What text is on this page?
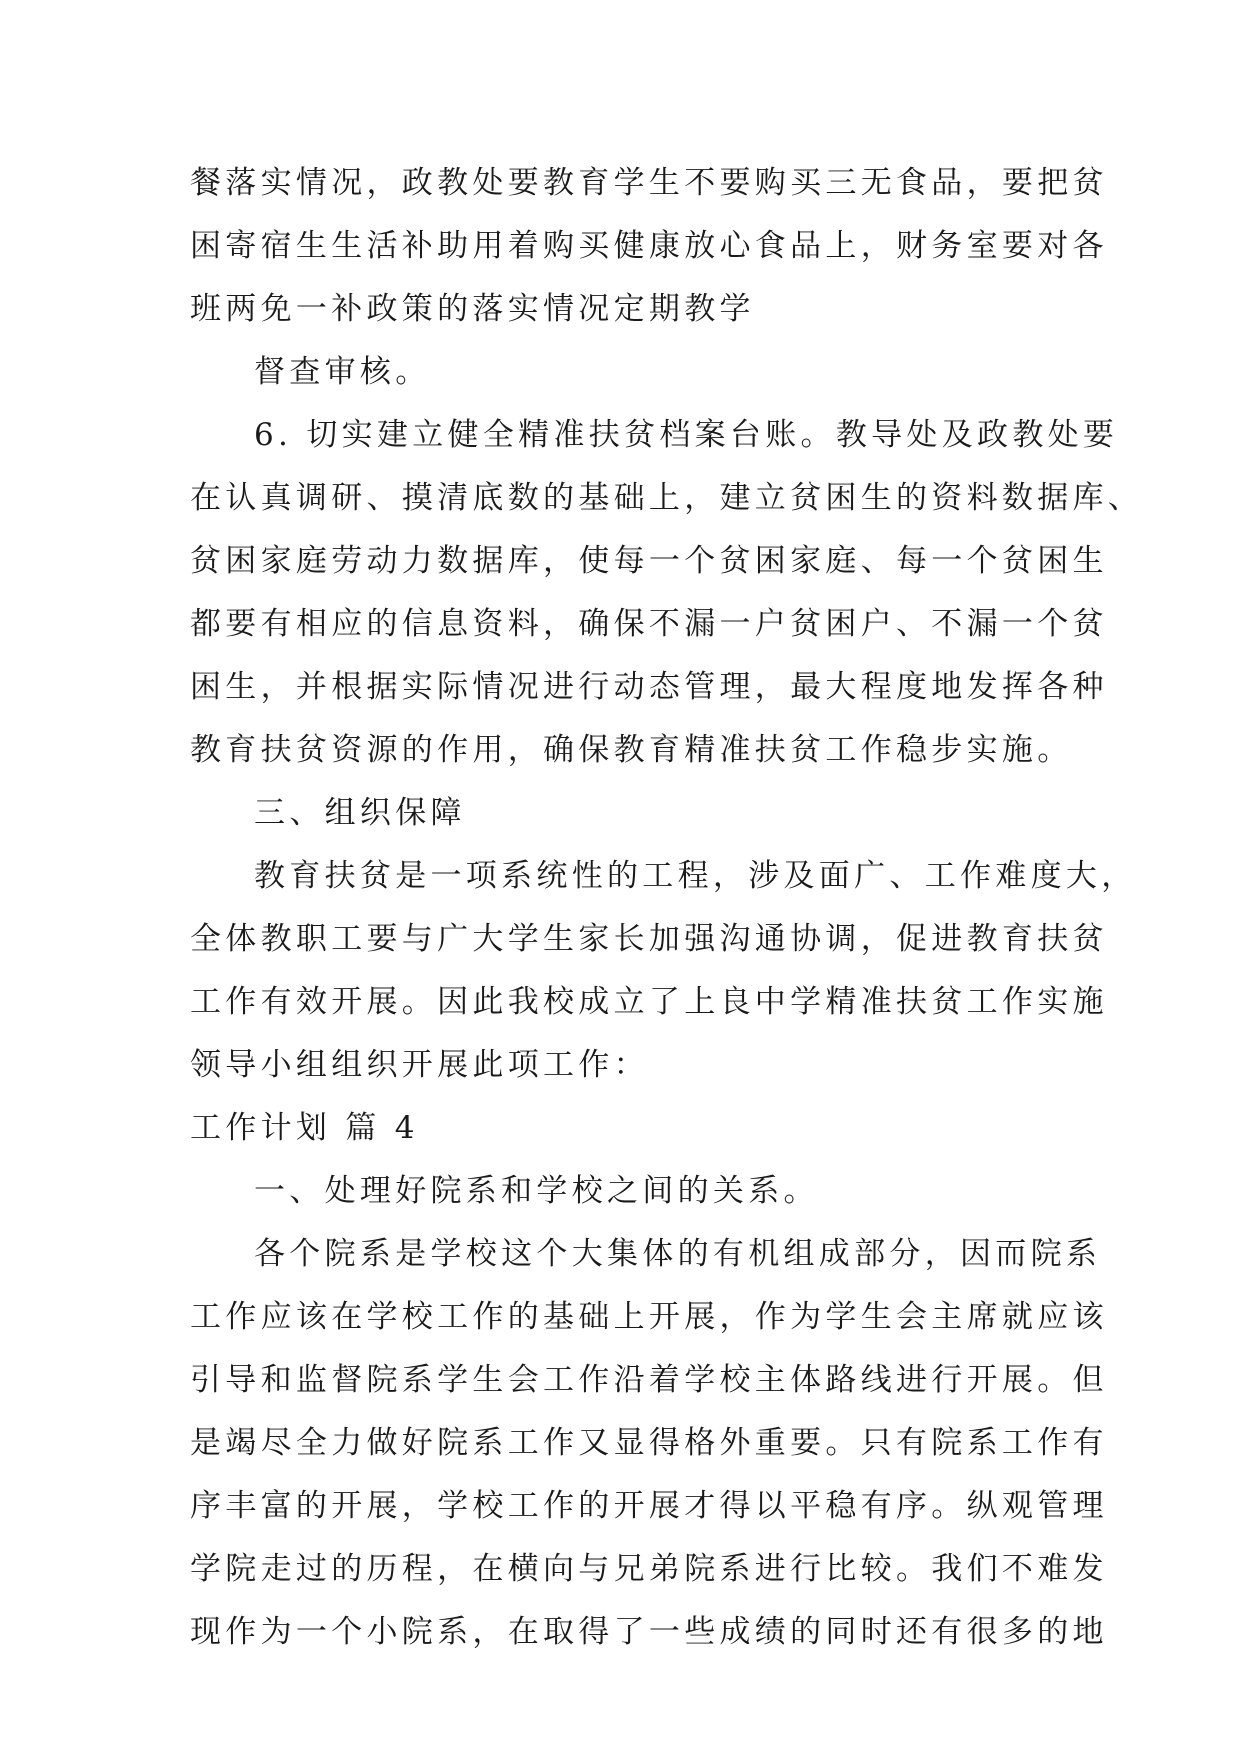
餐落实情况，政教处要教育学生不要购买三无食品，要把贫
困寄宿生生活补助用着购买健康放心食品上，财务室要对各
班两免一补政策的落实情况定期教学
督查审核。
6. 切实建立健全精准扶贫档案台账。教导处及政教处要
在认真调研、摸清底数的基础上，建立贫困生的资料数据库、
贫困家庭劳动力数据库，使每一个贫困家庭、每一个贫困生
都要有相应的信息资料，确保不漏一户贫困户、不漏一个贫
困生，并根据实际情况进行动态管理，最大程度地发挥各种
教育扶贫资源的作用，确保教育精准扶贫工作稳步实施。
三、组织保障
教育扶贫是一项系统性的工程，涉及面广、工作难度大，
全体教职工要与广大学生家长加强沟通协调，促进教育扶贫
工作有效开展。因此我校成立了上良中学精准扶贫工作实施
领导小组组织开展此项工作：
工作计划 篇 4
一、处理好院系和学校之间的关系。
各个院系是学校这个大集体的有机组成部分，因而院系
工作应该在学校工作的基础上开展，作为学生会主席就应该
引导和监督院系学生会工作沿着学校主体路线进行开展。但
是竭尽全力做好院系工作又显得格外重要。只有院系工作有
序丰富的开展，学校工作的开展才得以平稳有序。纵观管理
学院走过的历程，在横向与兄弟院系进行比较。我们不难发
现作为一个小院系，在取得了一些成绩的同时还有很多的地
